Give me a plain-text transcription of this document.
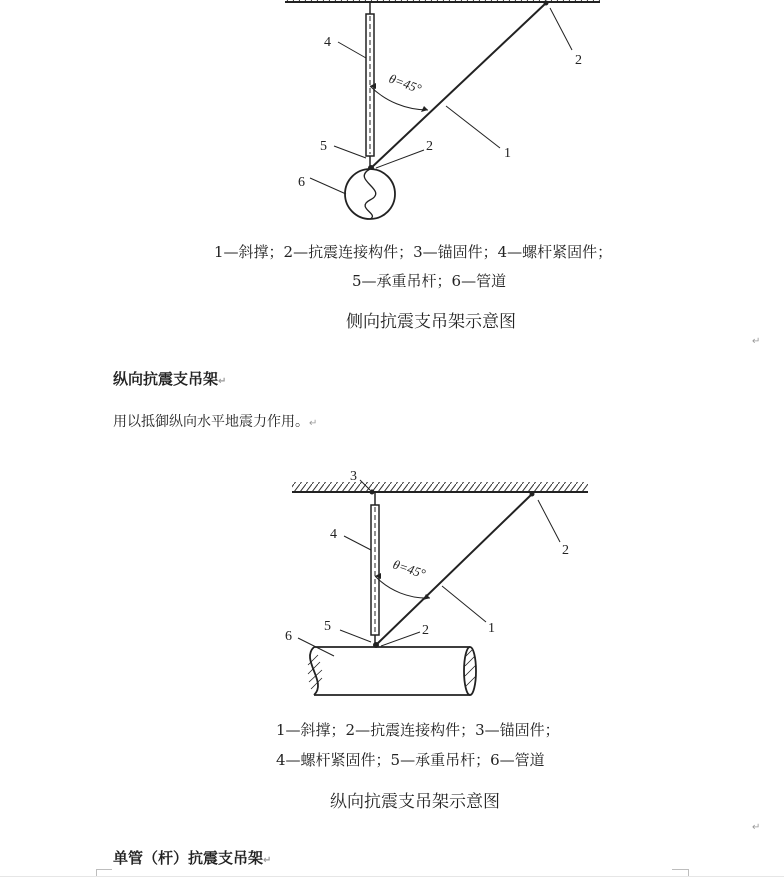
θ=45°
4
5	2
6
2
1
1—斜撑；2—抗震连接构件；3—锚固件；4—螺杆紧固件；
5—承重吊杆；6—管道
侧向抗震支吊架示意图
↵
纵向抗震支吊架↵
用以抵御纵向水平地震力作用。↵
θ=45°
3
4
5	2
6
2
1
1—斜撑；2—抗震连接构件；3—锚固件；
4—螺杆紧固件；5—承重吊杆；6—管道
纵向抗震支吊架示意图
↵
单管（杆）抗震支吊架↵
